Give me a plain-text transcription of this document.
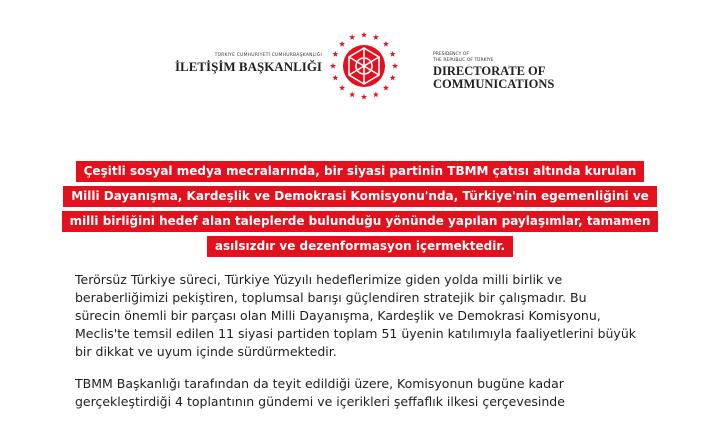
TÜRKİYE CUMHURİYETİ CUMHURBAŞKANLIĞI
İLETİŞİM BAŞKANLIĞI
PRESIDENCY OF
THE REPUBLIC OF TÜRKİYE
DIRECTORATE OF
COMMUNICATIONS
Çeşitli sosyal medya mecralarında, bir siyasi partinin TBMM çatısı altında kurulan
Milli Dayanışma, Kardeşlik ve Demokrasi Komisyonu'nda, Türkiye'nin egemenliğini ve
milli birliğini hedef alan taleplerde bulunduğu yönünde yapılan paylaşımlar, tamamen
asılsızdır ve dezenformasyon içermektedir.
Terörsüz Türkiye süreci, Türkiye Yüzyılı hedeflerimize giden yolda milli birlik ve
beraberliğimizi pekiştiren, toplumsal barışı güçlendiren stratejik bir çalışmadır. Bu
sürecin önemli bir parçası olan Milli Dayanışma, Kardeşlik ve Demokrasi Komisyonu,
Meclis'te temsil edilen 11 siyasi partiden toplam 51 üyenin katılımıyla faaliyetlerini büyük
bir dikkat ve uyum içinde sürdürmektedir.
TBMM Başkanlığı tarafından da teyit edildiği üzere, Komisyonun bugüne kadar
gerçekleştirdiği 4 toplantının gündemi ve içerikleri şeffaflık ilkesi çerçevesinde
